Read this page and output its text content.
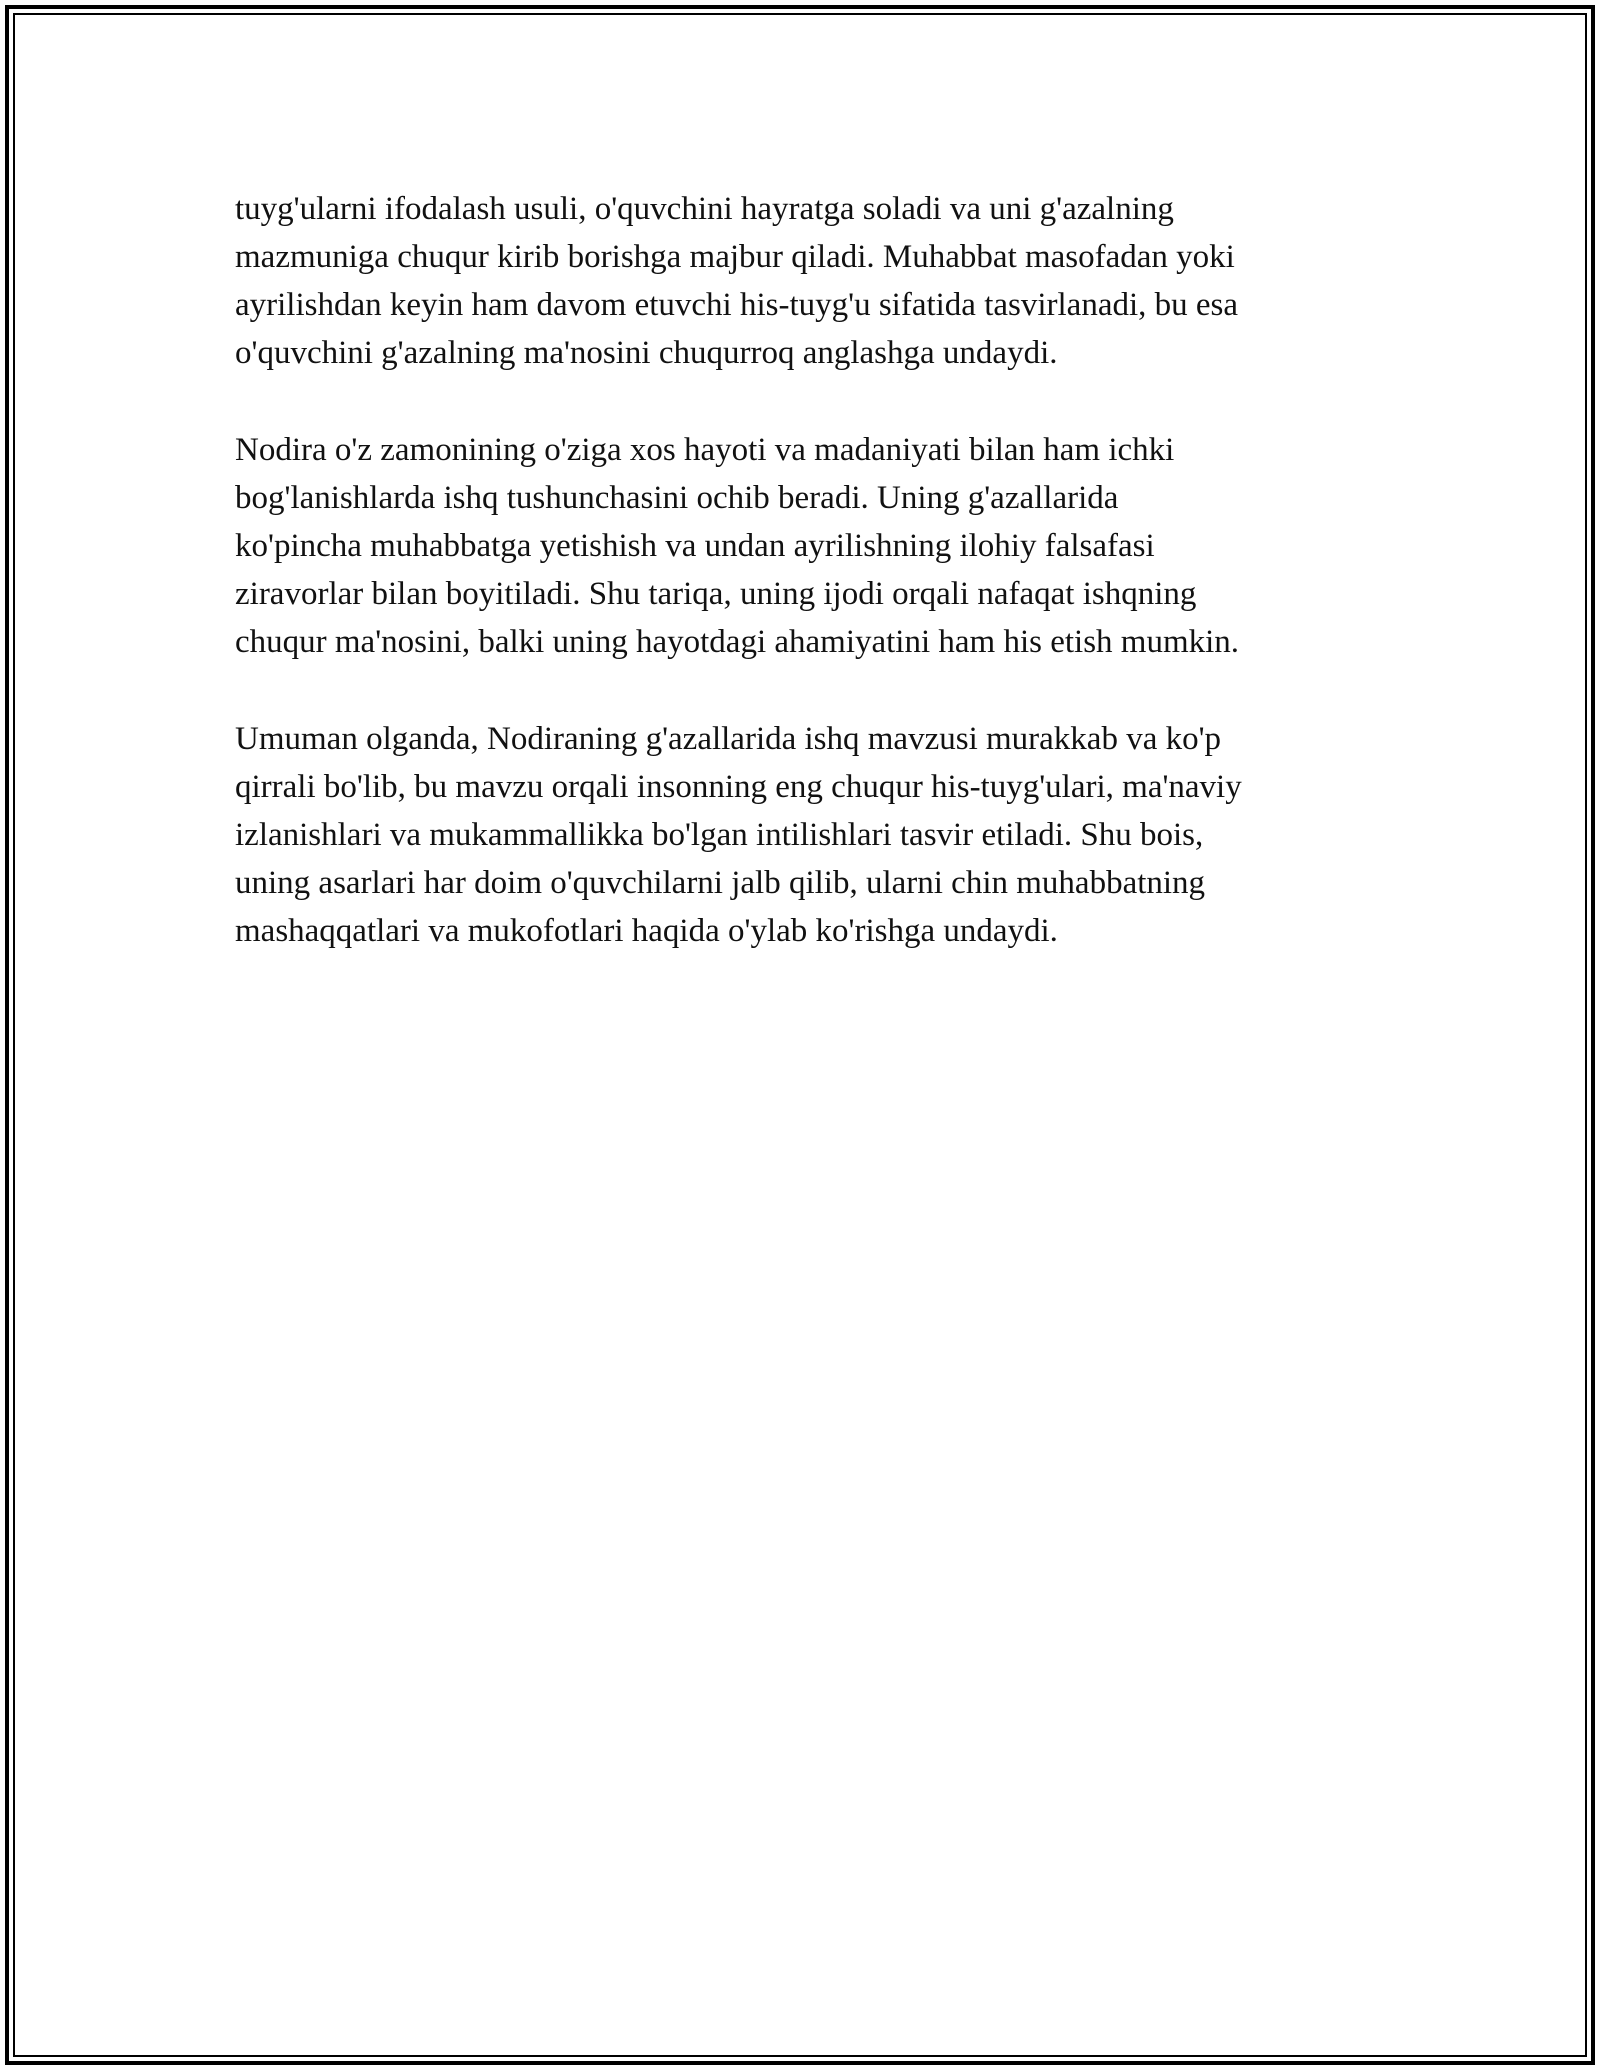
tuyg'ularni ifodalash usuli, o'quvchini hayratga soladi va uni g'azalning
mazmuniga chuqur kirib borishga majbur qiladi. Muhabbat masofadan yoki
ayrilishdan keyin ham davom etuvchi his-tuyg'u sifatida tasvirlanadi, bu esa
o'quvchini g'azalning ma'nosini chuqurroq anglashga undaydi.

Nodira o'z zamonining o'ziga xos hayoti va madaniyati bilan ham ichki
bog'lanishlarda ishq tushunchasini ochib beradi. Uning g'azallarida
ko'pincha muhabbatga yetishish va undan ayrilishning ilohiy falsafasi
ziravorlar bilan boyitiladi. Shu tariqa, uning ijodi orqali nafaqat ishqning
chuqur ma'nosini, balki uning hayotdagi ahamiyatini ham his etish mumkin.

Umuman olganda, Nodiraning g'azallarida ishq mavzusi murakkab va ko'p
qirrali bo'lib, bu mavzu orqali insonning eng chuqur his-tuyg'ulari, ma'naviy
izlanishlari va mukammallikka bo'lgan intilishlari tasvir etiladi. Shu bois,
uning asarlari har doim o'quvchilarni jalb qilib, ularni chin muhabbatning
mashaqqatlari va mukofotlari haqida o'ylab ko'rishga undaydi.
